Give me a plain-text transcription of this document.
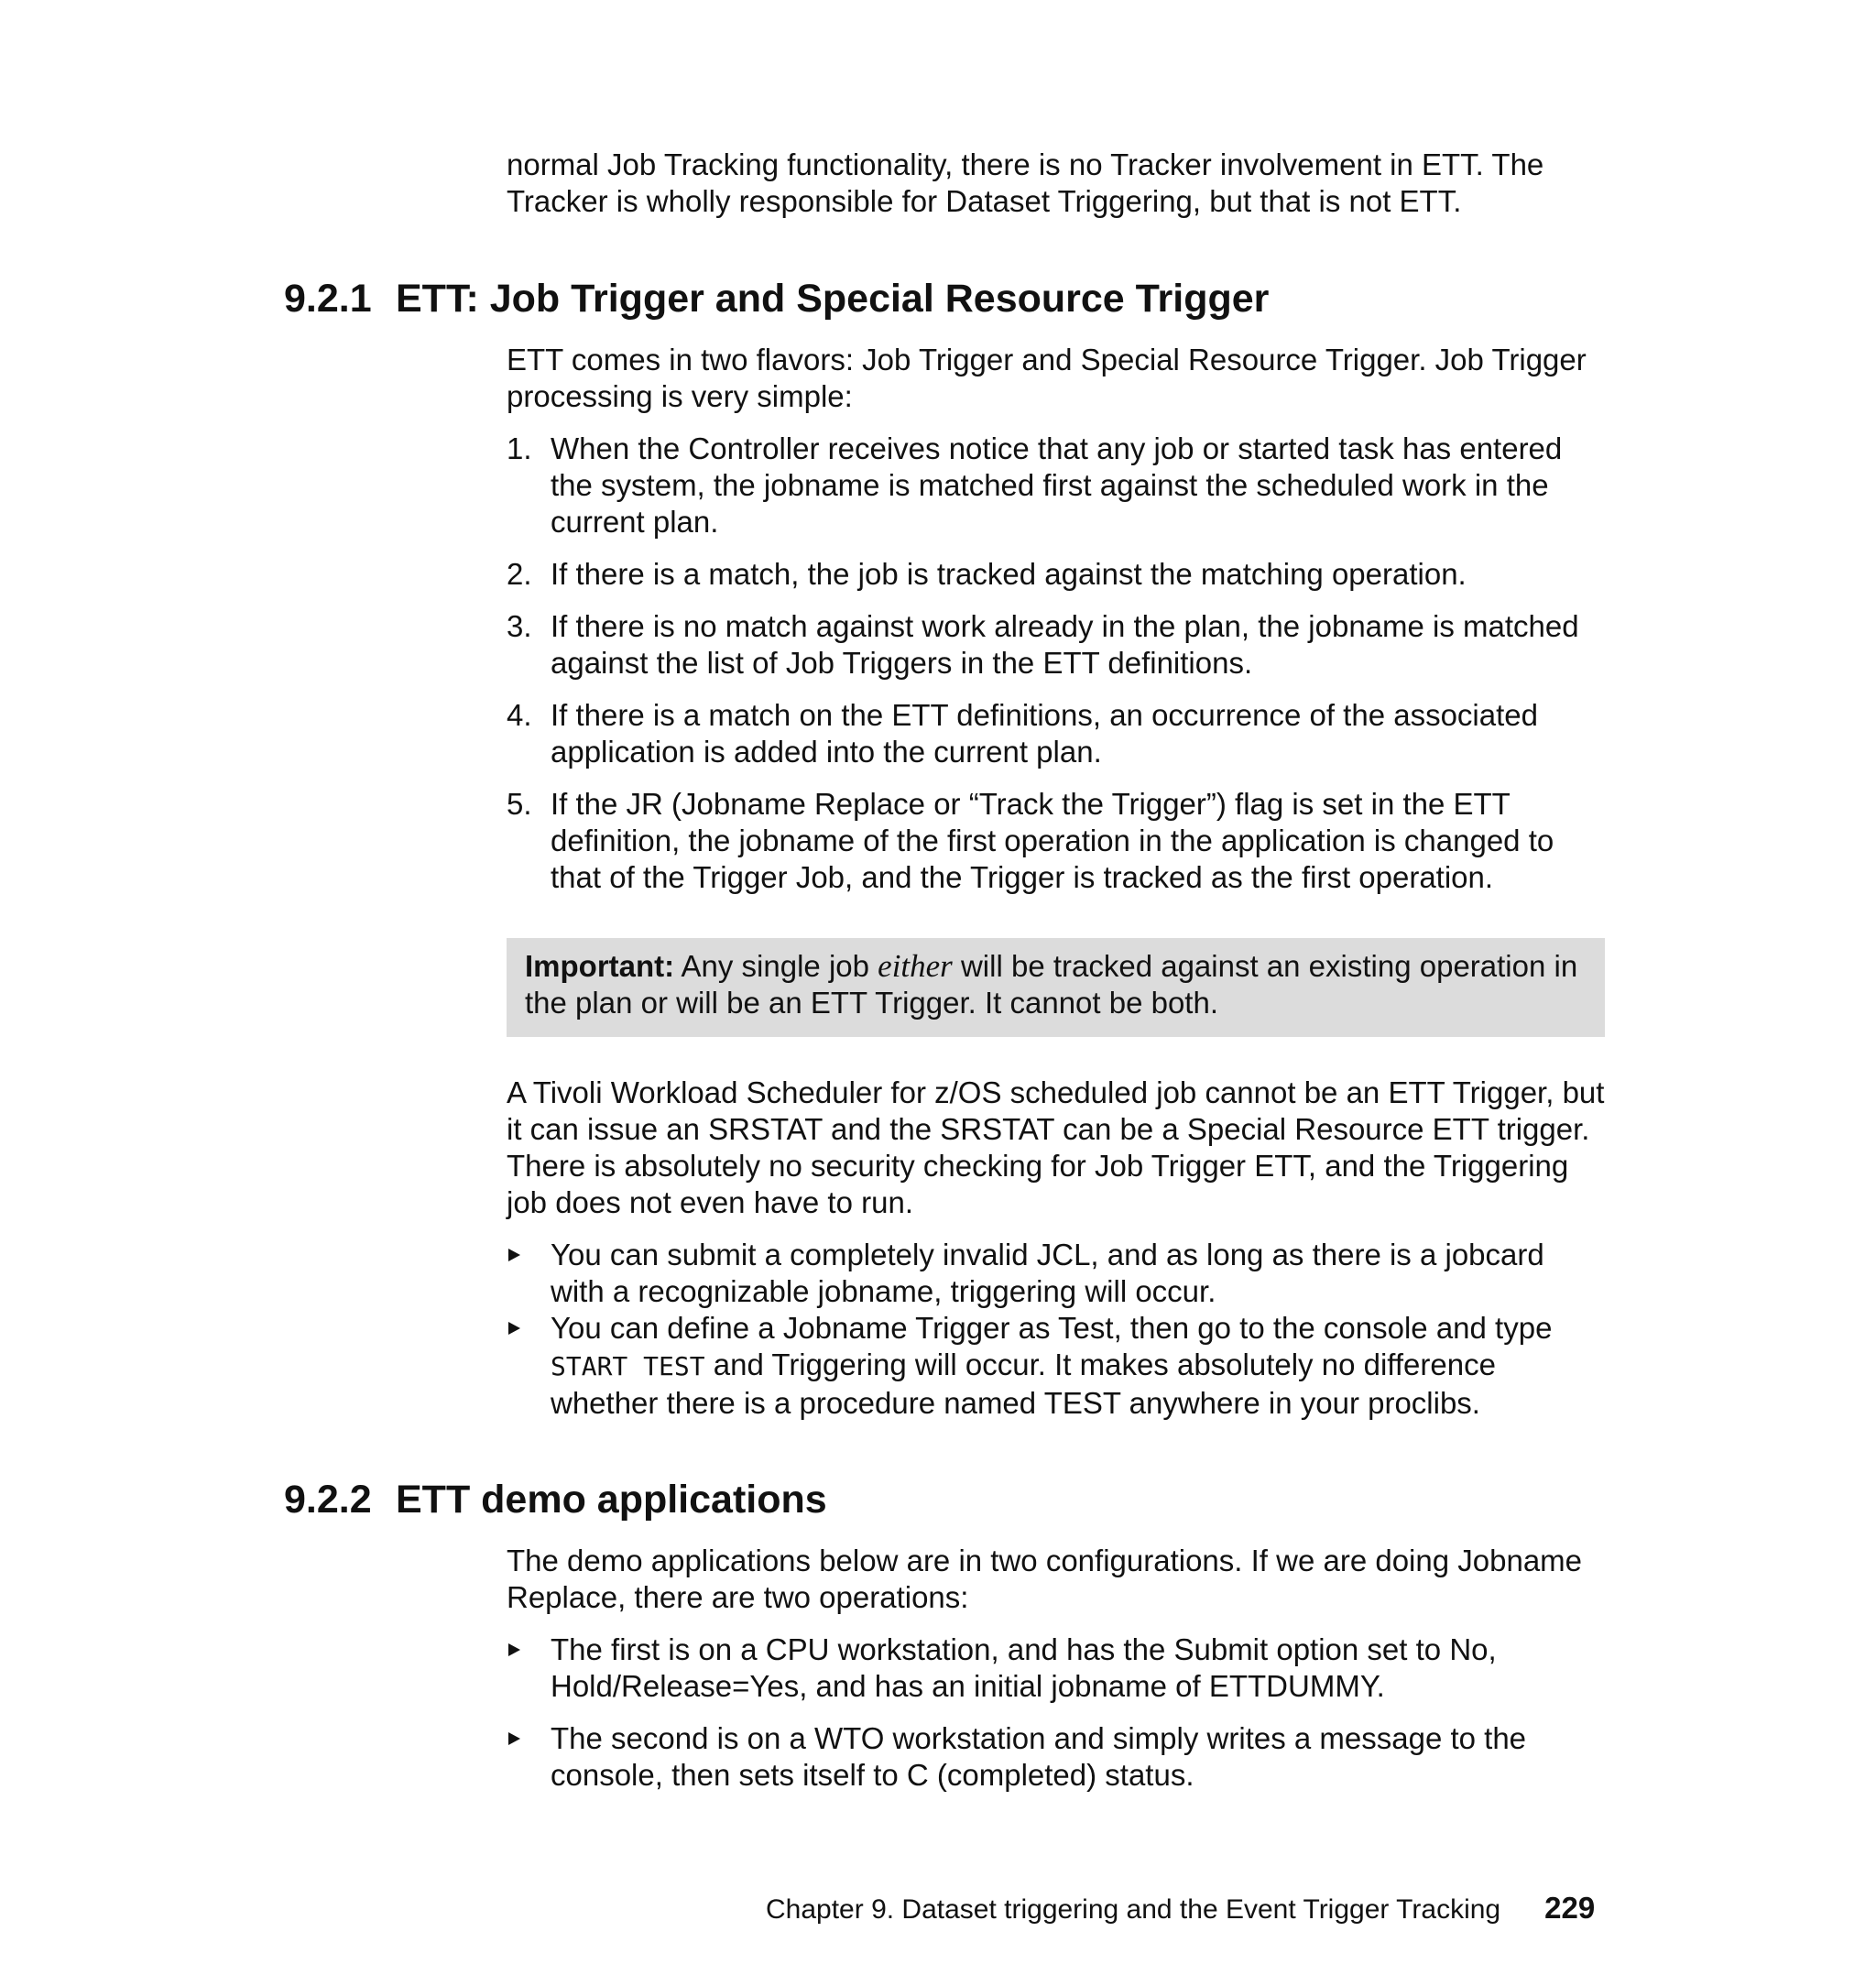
normal Job Tracking functionality, there is no Tracker involvement in ETT. The

Tracker is wholly responsible for Dataset Triggering, but that is not ETT.

9.2.1 ETT: Job Trigger and Special Resource Trigger

ETT comes in two flavors: Job Trigger and Special Resource Trigger. Job Trigger processing is very simple:

1. When the Controller receives notice that any job or started task has entered the system, the jobname is matched first against the scheduled work in the current plan.
2. If there is a match, the job is tracked against the matching operation.
3. If there is no match against work already in the plan, the jobname is matched against the list of Job Triggers in the ETT definitions.
4. If there is a match on the ETT definitions, an occurrence of the associated application is added into the current plan.
5. If the JR (Jobname Replace or “Track the Trigger”) flag is set in the ETT definition, the jobname of the first operation in the application is changed to that of the Trigger Job, and the Trigger is tracked as the first operation.
Important: Any single job either will be tracked against an existing operation in the plan or will be an ETT Trigger. It cannot be both.

A Tivoli Workload Scheduler for z/OS scheduled job cannot be an ETT Trigger, but it can issue an SRSTAT and the SRSTAT can be a Special Resource ETT trigger. There is absolutely no security checking for Job Trigger ETT, and the Triggering job does not even have to run.

You can submit a completely invalid JCL, and as long as there is a jobcard with a recognizable jobname, triggering will occur.
You can define a Jobname Trigger as Test, then go to the console and type START TEST and Triggering will occur. It makes absolutely no difference whether there is a procedure named TEST anywhere in your proclibs.
9.2.2 ETT demo applications

The demo applications below are in two configurations. If we are doing Jobname Replace, there are two operations:

The first is on a CPU workstation, and has the Submit option set to No, Hold/Release=Yes, and has an initial jobname of ETTDUMMY.
The second is on a WTO workstation and simply writes a message to the console, then sets itself to C (completed) status.
Chapter 9. Dataset triggering and the Event Trigger Tracking 229
